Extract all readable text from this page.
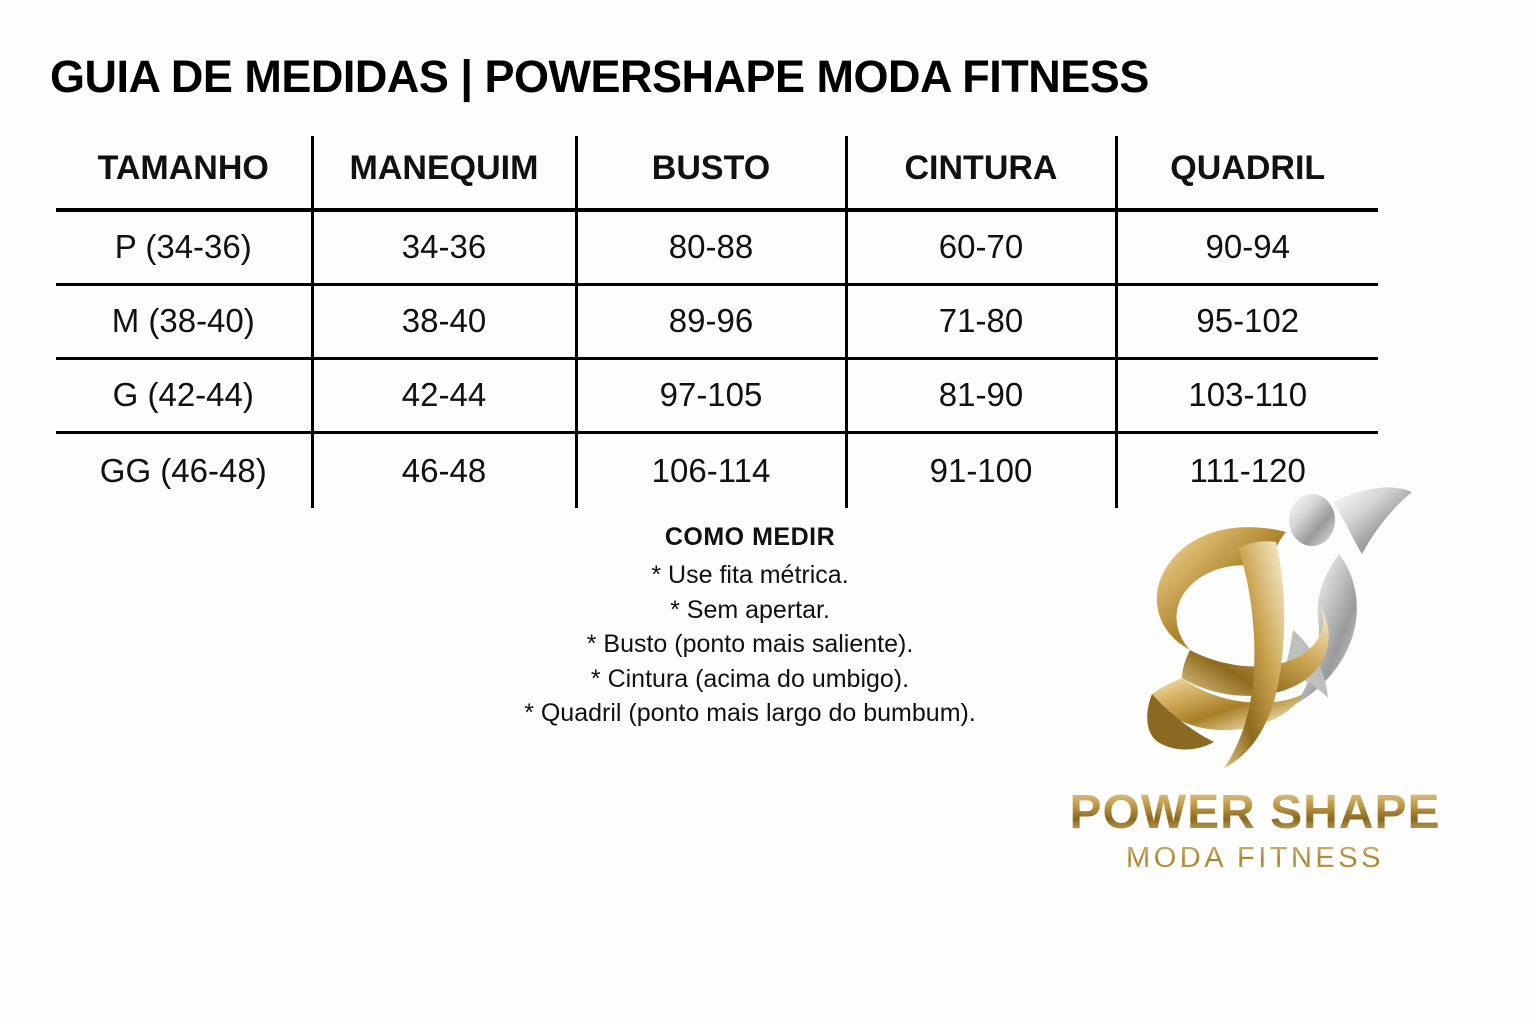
GUIA DE MEDIDAS | POWERSHAPE MODA FITNESS
TAMANHO	MANEQUIM	BUSTO	CINTURA	QUADRIL
P (34-36)	34-36	80-88	60-70	90-94
M (38-40)	38-40	89-96	71-80	95-102
G (42-44)	42-44	97-105	81-90	103-110
GG (46-48)	46-48	106-114	91-100	111-120
COMO MEDIR
* Use fita métrica.
* Sem apertar.
* Busto (ponto mais saliente).
* Cintura (acima do umbigo).
* Quadril (ponto mais largo do bumbum).
POWER SHAPE
MODA FITNESS
